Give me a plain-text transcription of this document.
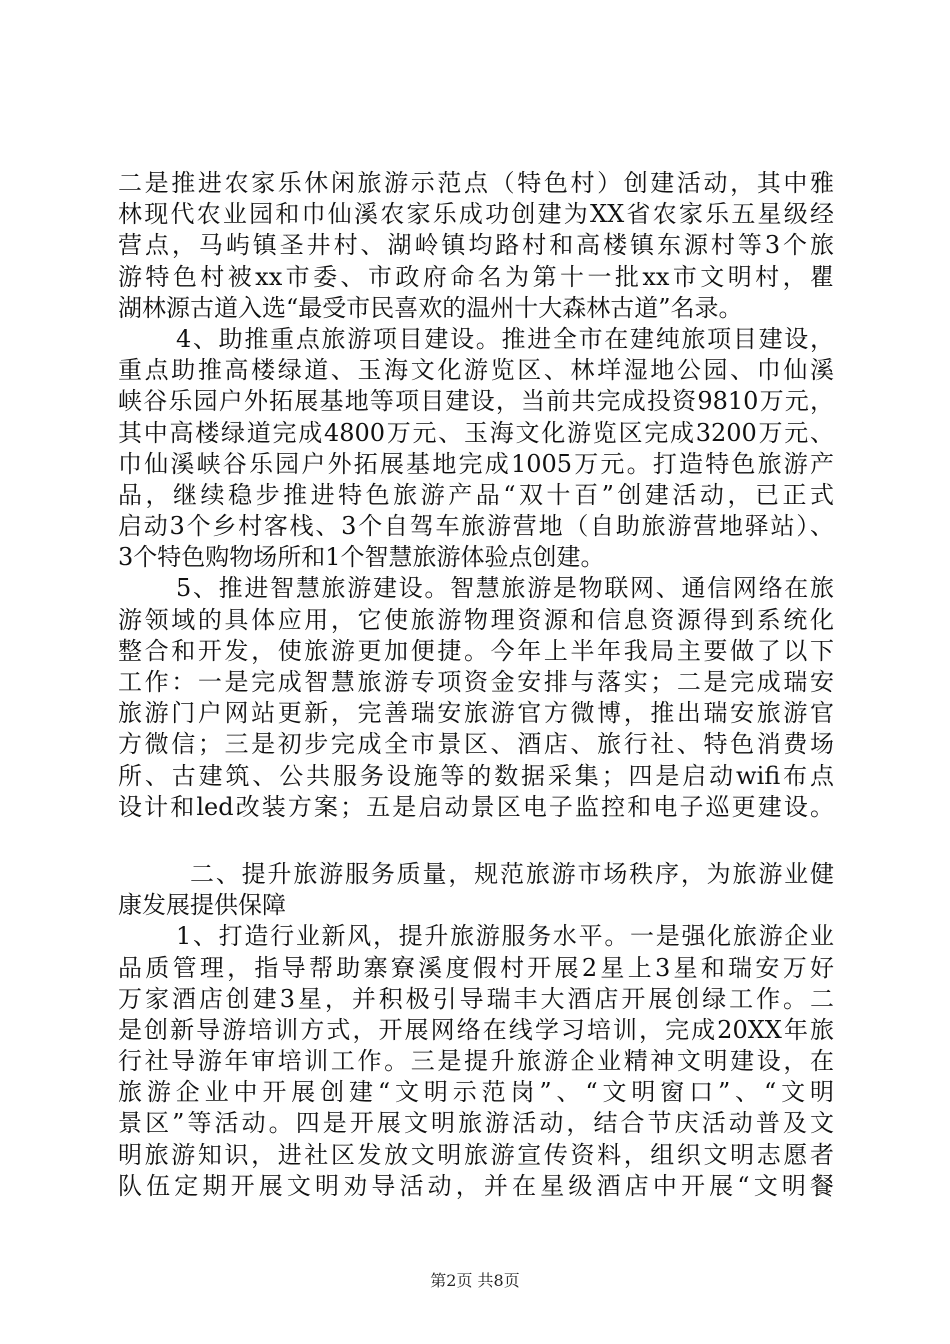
二是推进农家乐休闲旅游示范点（特色村）创建活动，其中雅
林现代农业园和巾仙溪农家乐成功创建为XX省农家乐五星级经
营点，马屿镇圣井村、湖岭镇均路村和高楼镇东源村等3个旅
游特色村被xx市委、市政府命名为第十一批xx市文明村，瞿
湖林源古道入选“最受市民喜欢的温州十大森林古道”名录。
4、助推重点旅游项目建设。推进全市在建纯旅项目建设，
重点助推高楼绿道、玉海文化游览区、林垟湿地公园、巾仙溪
峡谷乐园户外拓展基地等项目建设，当前共完成投资9810万元，
其中高楼绿道完成4800万元、玉海文化游览区完成3200万元、
巾仙溪峡谷乐园户外拓展基地完成1005万元。打造特色旅游产
品，继续稳步推进特色旅游产品“双十百”创建活动，已正式
启动3个乡村客栈、3个自驾车旅游营地（自助旅游营地驿站）、
3个特色购物场所和1个智慧旅游体验点创建。
5、推进智慧旅游建设。智慧旅游是物联网、通信网络在旅
游领域的具体应用，它使旅游物理资源和信息资源得到系统化
整合和开发，使旅游更加便捷。今年上半年我局主要做了以下
工作：一是完成智慧旅游专项资金安排与落实；二是完成瑞安
旅游门户网站更新，完善瑞安旅游官方微博，推出瑞安旅游官
方微信；三是初步完成全市景区、酒店、旅行社、特色消费场
所、古建筑、公共服务设施等的数据采集；四是启动wifi布点
设计和led改装方案；五是启动景区电子监控和电子巡更建设。
二、提升旅游服务质量，规范旅游市场秩序，为旅游业健
康发展提供保障
1、打造行业新风，提升旅游服务水平。一是强化旅游企业
品质管理，指导帮助寨寮溪度假村开展2星上3星和瑞安万好
万家酒店创建3星，并积极引导瑞丰大酒店开展创绿工作。二
是创新导游培训方式，开展网络在线学习培训，完成20XX年旅
行社导游年审培训工作。三是提升旅游企业精神文明建设，在
旅游企业中开展创建“文明示范岗”、“文明窗口”、“文明
景区”等活动。四是开展文明旅游活动，结合节庆活动普及文
明旅游知识，进社区发放文明旅游宣传资料，组织文明志愿者
队伍定期开展文明劝导活动，并在星级酒店中开展“文明餐
第2页 共8页
